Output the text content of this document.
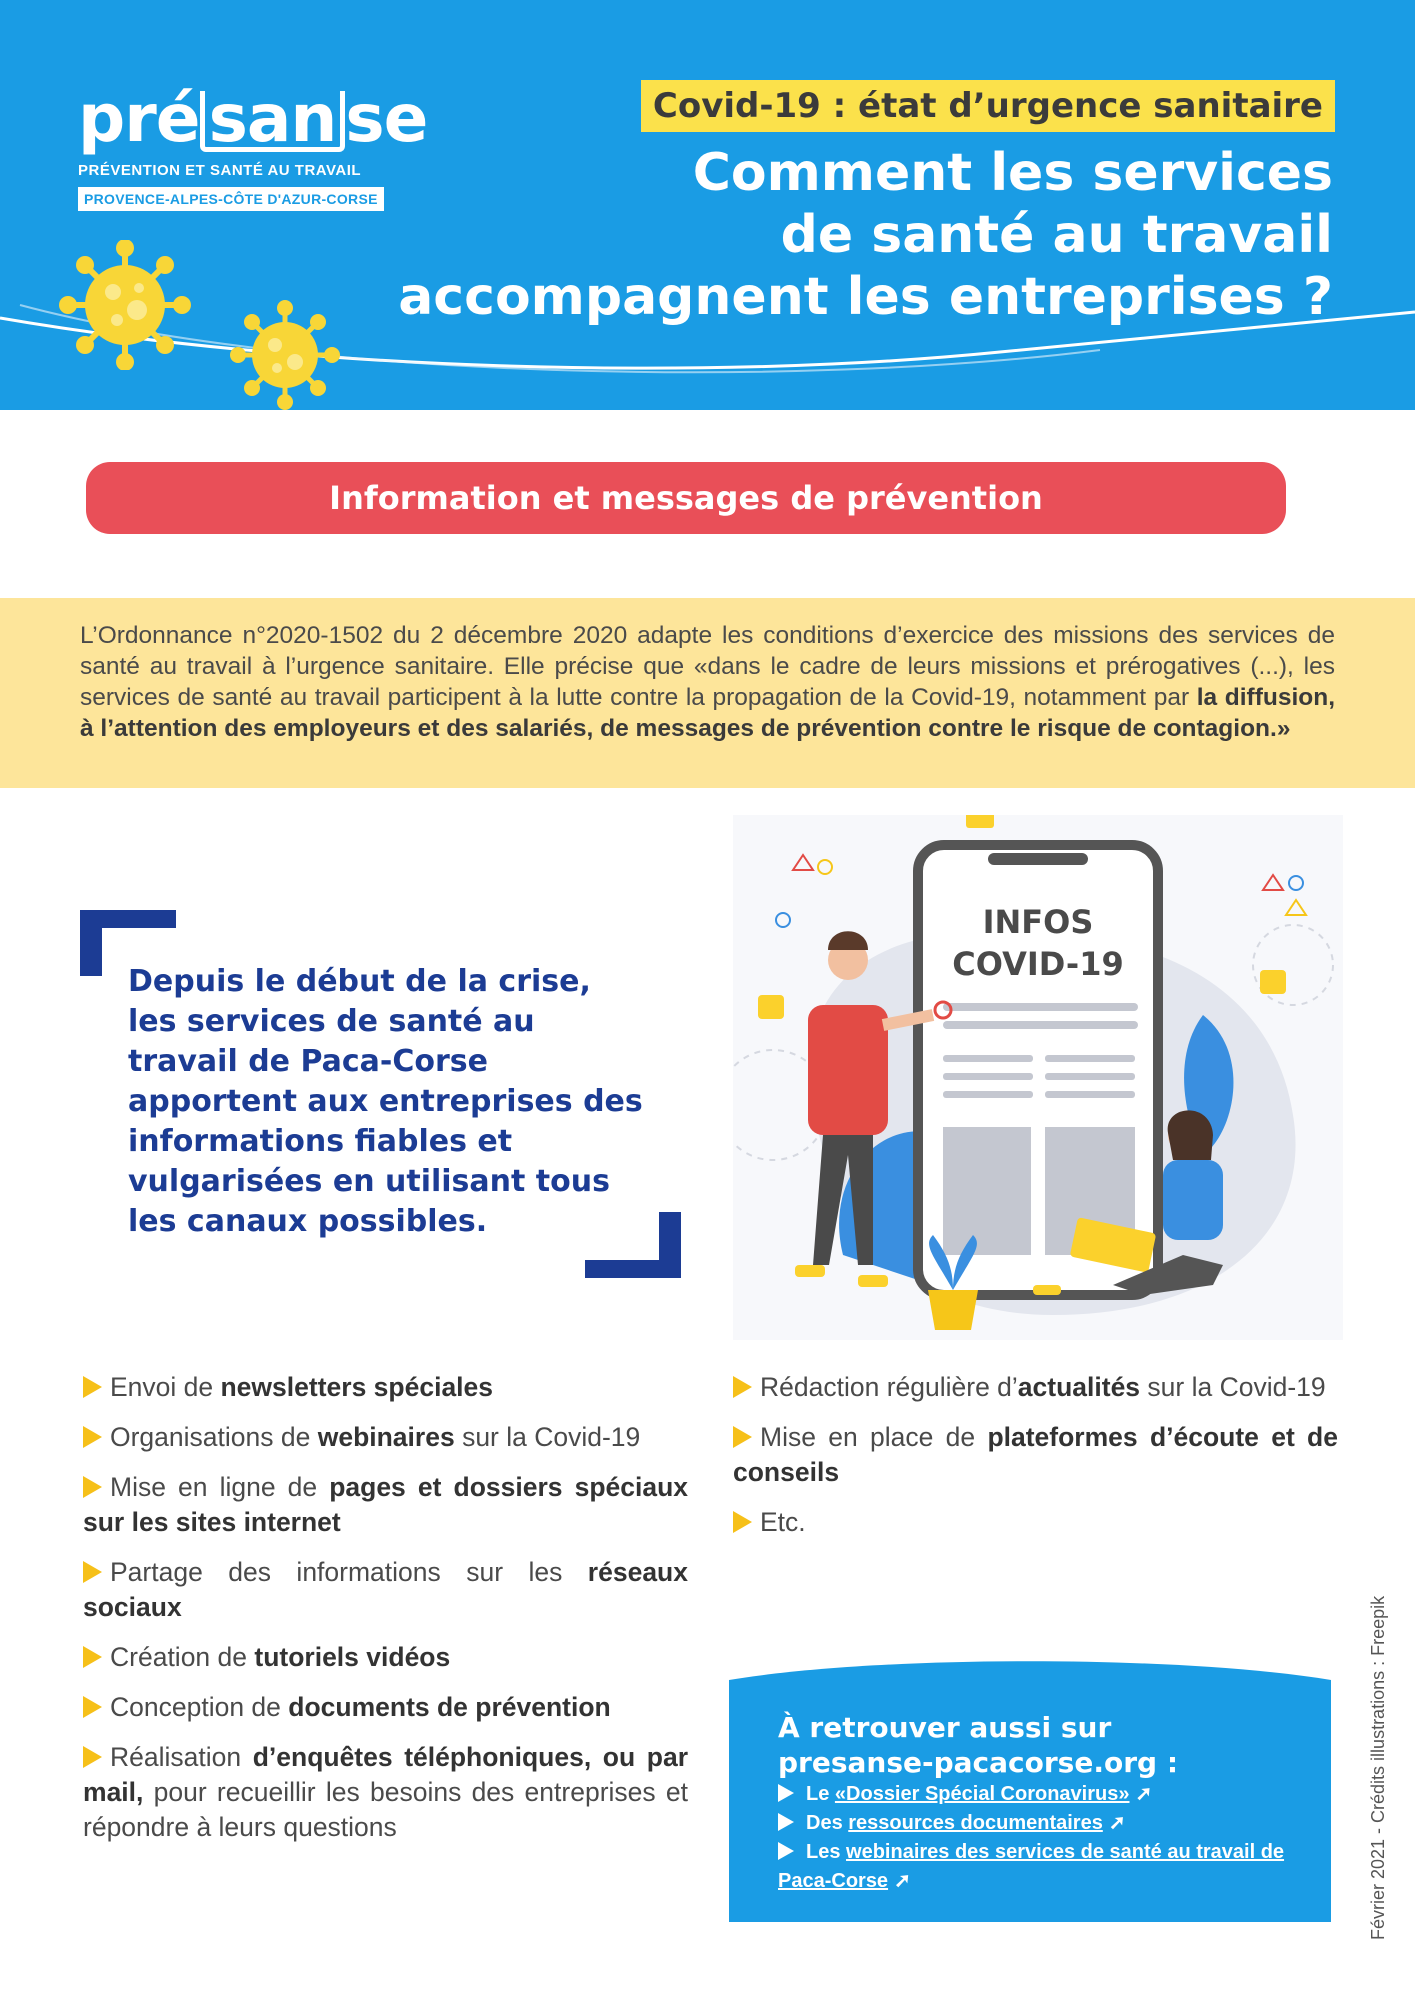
pré san se
PRÉVENTION ET SANTÉ AU TRAVAIL
PROVENCE-ALPES-CÔTE D'AZUR-CORSE
Covid-19 : état d’urgence sanitaire
Comment les services
de santé au travail
accompagnent les entreprises ?
Information et messages de prévention
L’Ordonnance n°2020-1502 du 2 décembre 2020 adapte les conditions d’exercice des missions des services de santé au travail à l’urgence sanitaire. Elle précise que «dans le cadre de leurs missions et prérogatives (...), les services de santé au travail participent à la lutte contre la propagation de la Covid-19, notamment par la diffusion, à l’attention des employeurs et des salariés, de messages de prévention contre le risque de contagion.»
Depuis le début de la crise, les services de santé au travail de Paca-Corse apportent aux entreprises des informations fiables et vulgarisées en utilisant tous les canaux possibles.
INFOS
COVID-19
Envoi de newsletters spéciales
Organisations de webinaires sur la Covid-19
Mise en ligne de pages et dossiers spéciaux sur les sites internet
Partage des informations sur les réseaux sociaux
Création de tutoriels vidéos
Conception de documents de prévention
Réalisation d’enquêtes téléphoniques, ou par mail, pour recueillir les besoins des entreprises et répondre à leurs questions
Rédaction régulière d’actualités sur la Covid-19
Mise en place de plateformes d’écoute et de conseils
Etc.
À retrouver aussi sur
presanse-pacacorse.org :
Le «Dossier Spécial Coronavirus» ➚
Des ressources documentaires ➚
Les webinaires des services de santé au travail de Paca-Corse ➚	Février 2021 - Crédits illustrations : Freepik
